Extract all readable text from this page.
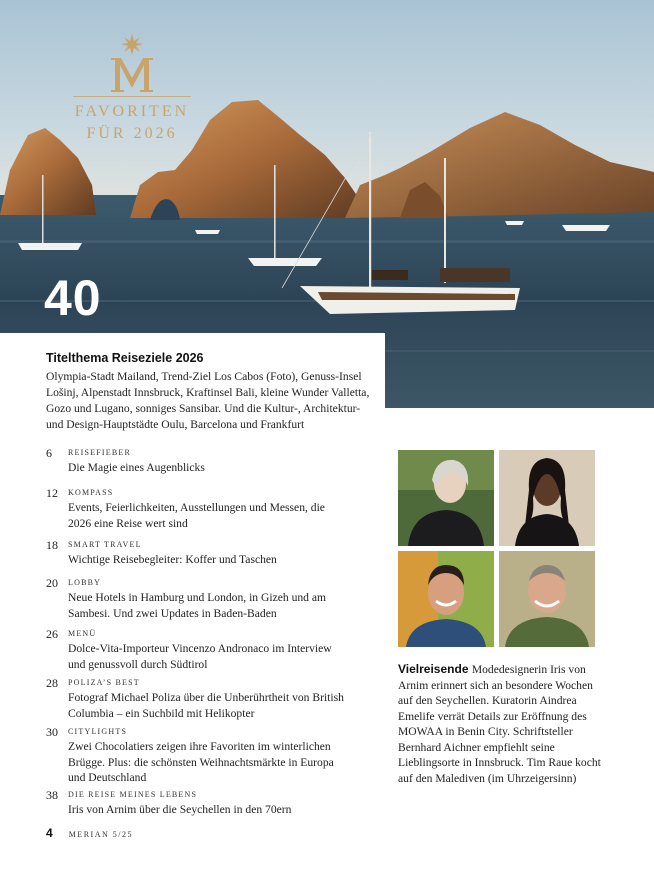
FAVORITEN
FÜR 2026
40
Titelthema Reiseziele 2026

Olympia-Stadt Mailand, Trend-Ziel Los Cabos (Foto), Genuss-Insel Lošinj, Alpenstadt Innsbruck, Kraftinsel Bali, kleine Wunder Valletta, Gozo und Lugano, sonniges Sansibar. Und die Kultur-, Architektur- und Design-Hauptstädte Oulu, Barcelona und Frankfurt

6 REISEFIEBER
Die Magie eines Augenblicks
12 KOMPASS
Events, Feierlichkeiten, Ausstellungen und Messen, die 2026 eine Reise wert sind
18 SMART TRAVEL
Wichtige Reisebegleiter: Koffer und Taschen
20 LOBBY
Neue Hotels in Hamburg und London, in Gizeh und am Sambesi. Und zwei Updates in Baden-Baden
26 MENÜ
Dolce-Vita-Importeur Vincenzo Andronaco im Interview und genussvoll durch Südtirol
28 POLIZA’S BEST
Fotograf Michael Poliza über die Unberührtheit von British Columbia – ein Suchbild mit Helikopter
30 CITYLIGHTS
Zwei Chocolatiers zeigen ihre Favoriten im winterlichen Brügge. Plus: die schönsten Weihnachtsmärkte in Europa und Deutschland
38 DIE REISE MEINES LEBENS
Iris von Arnim über die Seychellen in den 70ern
Vielreisende Modedesignerin Iris von Arnim erinnert sich an besondere Wochen auf den Seychellen. Kuratorin Aindrea Emelife verrät Details zur Eröffnung des MOWAA in Benin City. Schriftsteller Bernhard Aichner empfiehlt seine Lieblingsorte in Innsbruck. Tim Raue kocht auf den Malediven (im Uhrzeigersinn)
4 MERIAN 5/25
